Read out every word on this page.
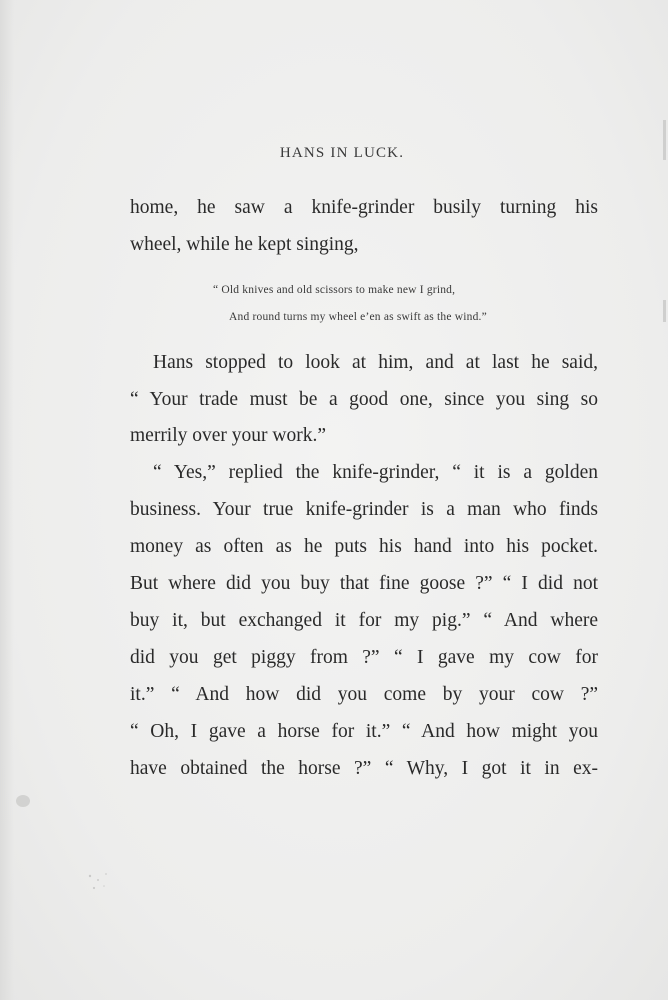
HANS IN LUCK.
home, he saw a knife-grinder busily turning his
wheel, while he kept singing,
“ Old knives and old scissors to make new I grind,
And round turns my wheel e’en as swift as the wind.”
Hans stopped to look at him, and at last he said,
“ Your trade must be a good one, since you sing so
merrily over your work.”
“ Yes,” replied the knife-grinder, “ it is a golden
business. Your true knife-grinder is a man who finds
money as often as he puts his hand into his pocket.
But where did you buy that fine goose ?” “ I did not
buy it, but exchanged it for my pig.” “ And where
did you get piggy from ?” “ I gave my cow for
it.” “ And how did you come by your cow ?”
“ Oh, I gave a horse for it.” “ And how might you
have obtained the horse ?” “ Why, I got it in ex-
